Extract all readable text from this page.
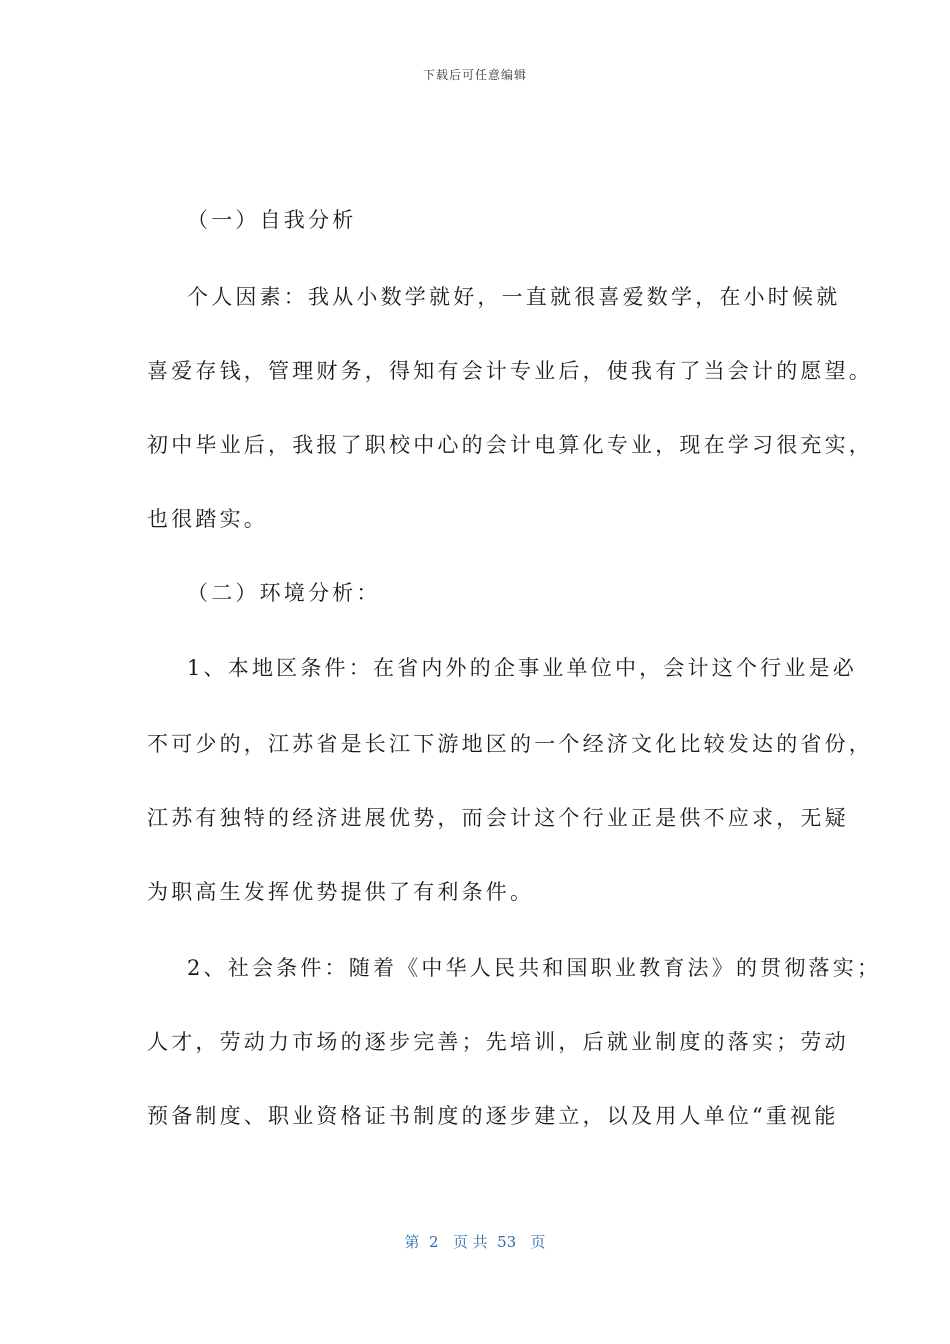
下载后可任意编辑
（一）自我分析
个人因素：我从小数学就好，一直就很喜爱数学，在小时候就
喜爱存钱，管理财务，得知有会计专业后，使我有了当会计的愿望。
初中毕业后，我报了职校中心的会计电算化专业，现在学习很充实，
也很踏实。
（二）环境分析：
1、本地区条件：在省内外的企事业单位中，会计这个行业是必
不可少的，江苏省是长江下游地区的一个经济文化比较发达的省份，
江苏有独特的经济进展优势，而会计这个行业正是供不应求，无疑
为职高生发挥优势提供了有利条件。
2、社会条件：随着《中华人民共和国职业教育法》的贯彻落实；
人才，劳动力市场的逐步完善；先培训，后就业制度的落实；劳动
预备制度、职业资格证书制度的逐步建立，以及用人单位“重视能
第  2   页 共  53   页
